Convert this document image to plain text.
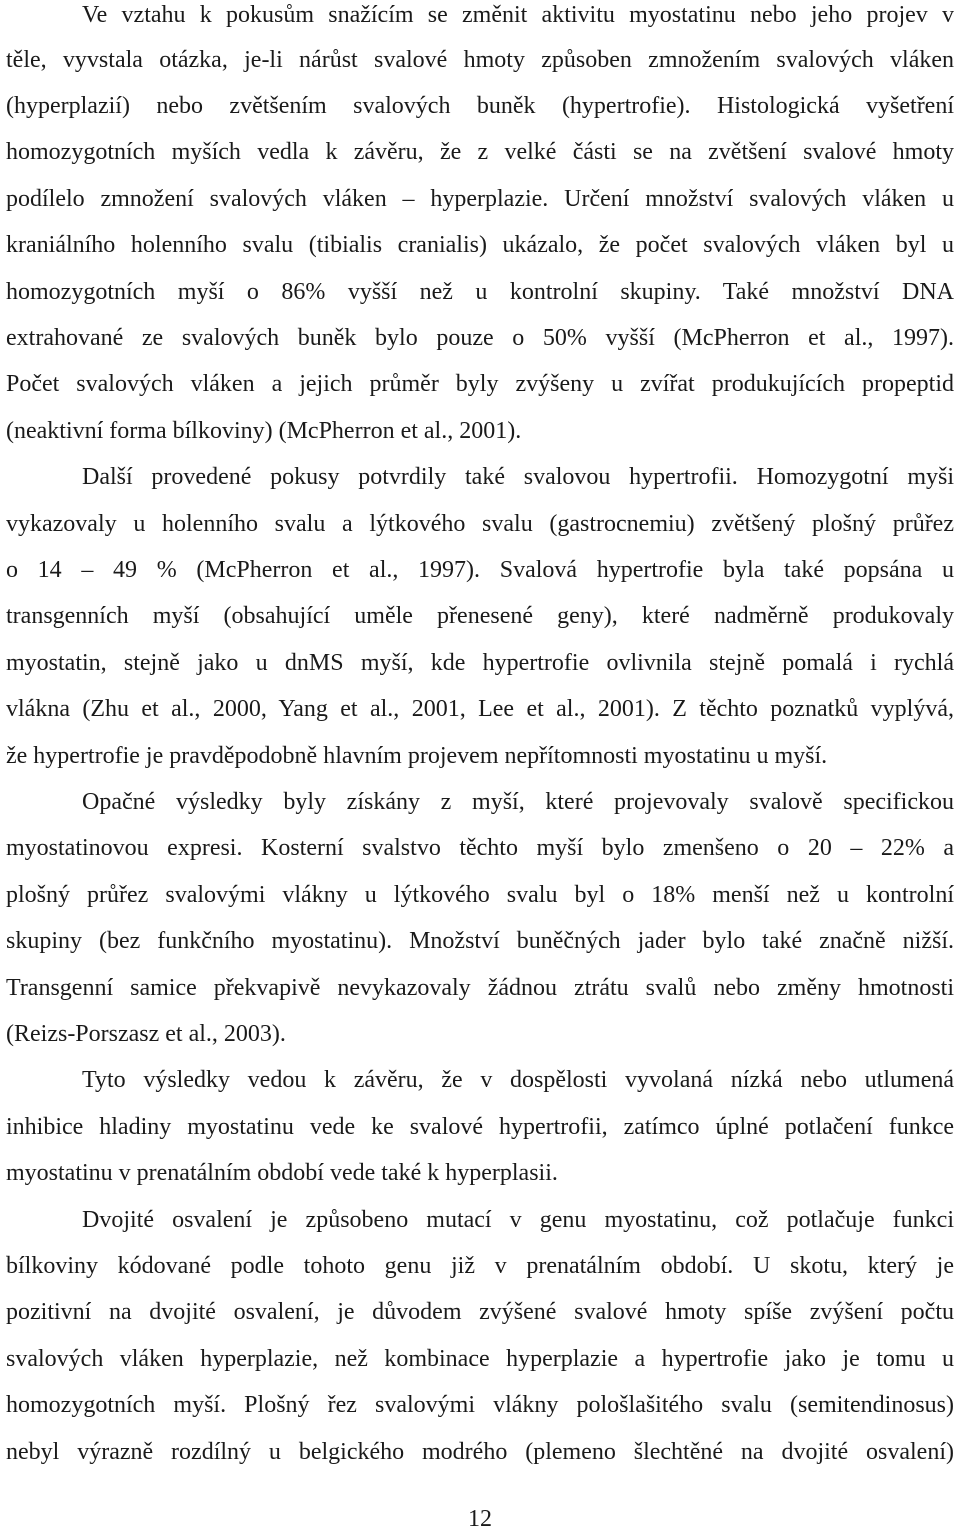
Ve vztahu k pokusům snažícím se změnit aktivitu myostatinu nebo jeho projev v
těle, vyvstala otázka, je-li nárůst svalové hmoty způsoben zmnožením svalových vláken
(hyperplazií) nebo zvětšením svalových buněk (hypertrofie). Histologická vyšetření
homozygotních myších vedla k závěru, že z velké části se na zvětšení svalové hmoty
podílelo zmnožení svalových vláken – hyperplazie. Určení množství svalových vláken u
kraniálního holenního svalu (tibialis cranialis) ukázalo, že počet svalových vláken byl u
homozygotních myší o 86% vyšší než u kontrolní skupiny. Také množství DNA
extrahované ze svalových buněk bylo pouze o 50% vyšší (McPherron et al., 1997).
Počet svalových vláken a jejich průměr byly zvýšeny u zvířat produkujících propeptid
(neaktivní forma bílkoviny) (McPherron et al., 2001).
Další provedené pokusy potvrdily také svalovou hypertrofii. Homozygotní myši
vykazovaly u holenního svalu a lýtkového svalu (gastrocnemiu) zvětšený plošný průřez
o 14 – 49 % (McPherron et al., 1997). Svalová hypertrofie byla také popsána u
transgenních myší (obsahující uměle přenesené geny), které nadměrně produkovaly
myostatin, stejně jako u dnMS myší, kde hypertrofie ovlivnila stejně pomalá i rychlá
vlákna (Zhu et al., 2000, Yang et al., 2001, Lee et al., 2001). Z těchto poznatků vyplývá,
že hypertrofie je pravděpodobně hlavním projevem nepřítomnosti myostatinu u myší.
Opačné výsledky byly získány z myší, které projevovaly svalově specifickou
myostatinovou expresi. Kosterní svalstvo těchto myší bylo zmenšeno o 20 – 22% a
plošný průřez svalovými vlákny u lýtkového svalu byl o 18% menší než u kontrolní
skupiny (bez funkčního myostatinu). Množství buněčných jader bylo také značně nižší.
Transgenní samice překvapivě nevykazovaly žádnou ztrátu svalů nebo změny hmotnosti
(Reizs-Porszasz et al., 2003).
Tyto výsledky vedou k závěru, že v dospělosti vyvolaná nízká nebo utlumená
inhibice hladiny myostatinu vede ke svalové hypertrofii, zatímco úplné potlačení funkce
myostatinu v prenatálním období vede také k hyperplasii.
Dvojité osvalení je způsobeno mutací v genu myostatinu, což potlačuje funkci
bílkoviny kódované podle tohoto genu již v prenatálním období. U skotu, který je
pozitivní na dvojité osvalení, je důvodem zvýšené svalové hmoty spíše zvýšení počtu
svalových vláken hyperplazie, než kombinace hyperplazie a hypertrofie jako je tomu u
homozygotních myší. Plošný řez svalovými vlákny pološlašitého svalu (semitendinosus)
nebyl výrazně rozdílný u belgického modrého (plemeno šlechtěné na dvojité osvalení)
12
